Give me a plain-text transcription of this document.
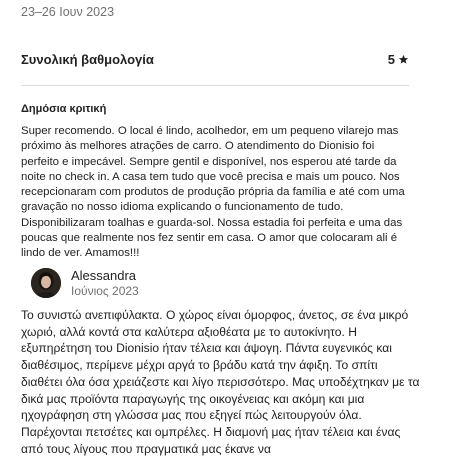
23–26 Ιουν 2023
Συνολική βαθμολογία	5
Δημόσια κριτική
Super recomendo. O local é lindo, acolhedor, em um pequeno vilarejo mas próximo às melhores atrações de carro. O atendimento do Dionisio foi perfeito e impecável. Sempre gentil e disponível, nos esperou até tarde da noite no check in. A casa tem tudo que você precisa e mais um pouco. Nos recepcionaram com produtos de produção própria da família e até com uma gravação no nosso idioma explicando o funcionamento de tudo. Disponibilizaram toalhas e guarda-sol. Nossa estadia foi perfeita e uma das poucas que realmente nos fez sentir em casa. O amor que colocaram ali é lindo de ver. Amamos!!!
Alessandra
Ιούνιος 2023
Το συνιστώ ανεπιφύλακτα. Ο χώρος είναι όμορφος, άνετος, σε ένα μικρό χωριό, αλλά κοντά στα καλύτερα αξιοθέατα με το αυτοκίνητο. Η εξυπηρέτηση του Dionisio ήταν τέλεια και άψογη. Πάντα ευγενικός και διαθέσιμος, περίμενε μέχρι αργά το βράδυ κατά την άφιξη. Το σπίτι διαθέτει όλα όσα χρειάζεστε και λίγο περισσότερο. Μας υποδέχτηκαν με τα δικά μας προϊόντα παραγωγής της οικογένειας και ακόμη και μια ηχογράφηση στη γλώσσα μας που εξηγεί πώς λειτουργούν όλα. Παρέχονται πετσέτες και ομπρέλες. Η διαμονή μας ήταν τέλεια και ένας από τους λίγους που πραγματικά μας έκανε να
